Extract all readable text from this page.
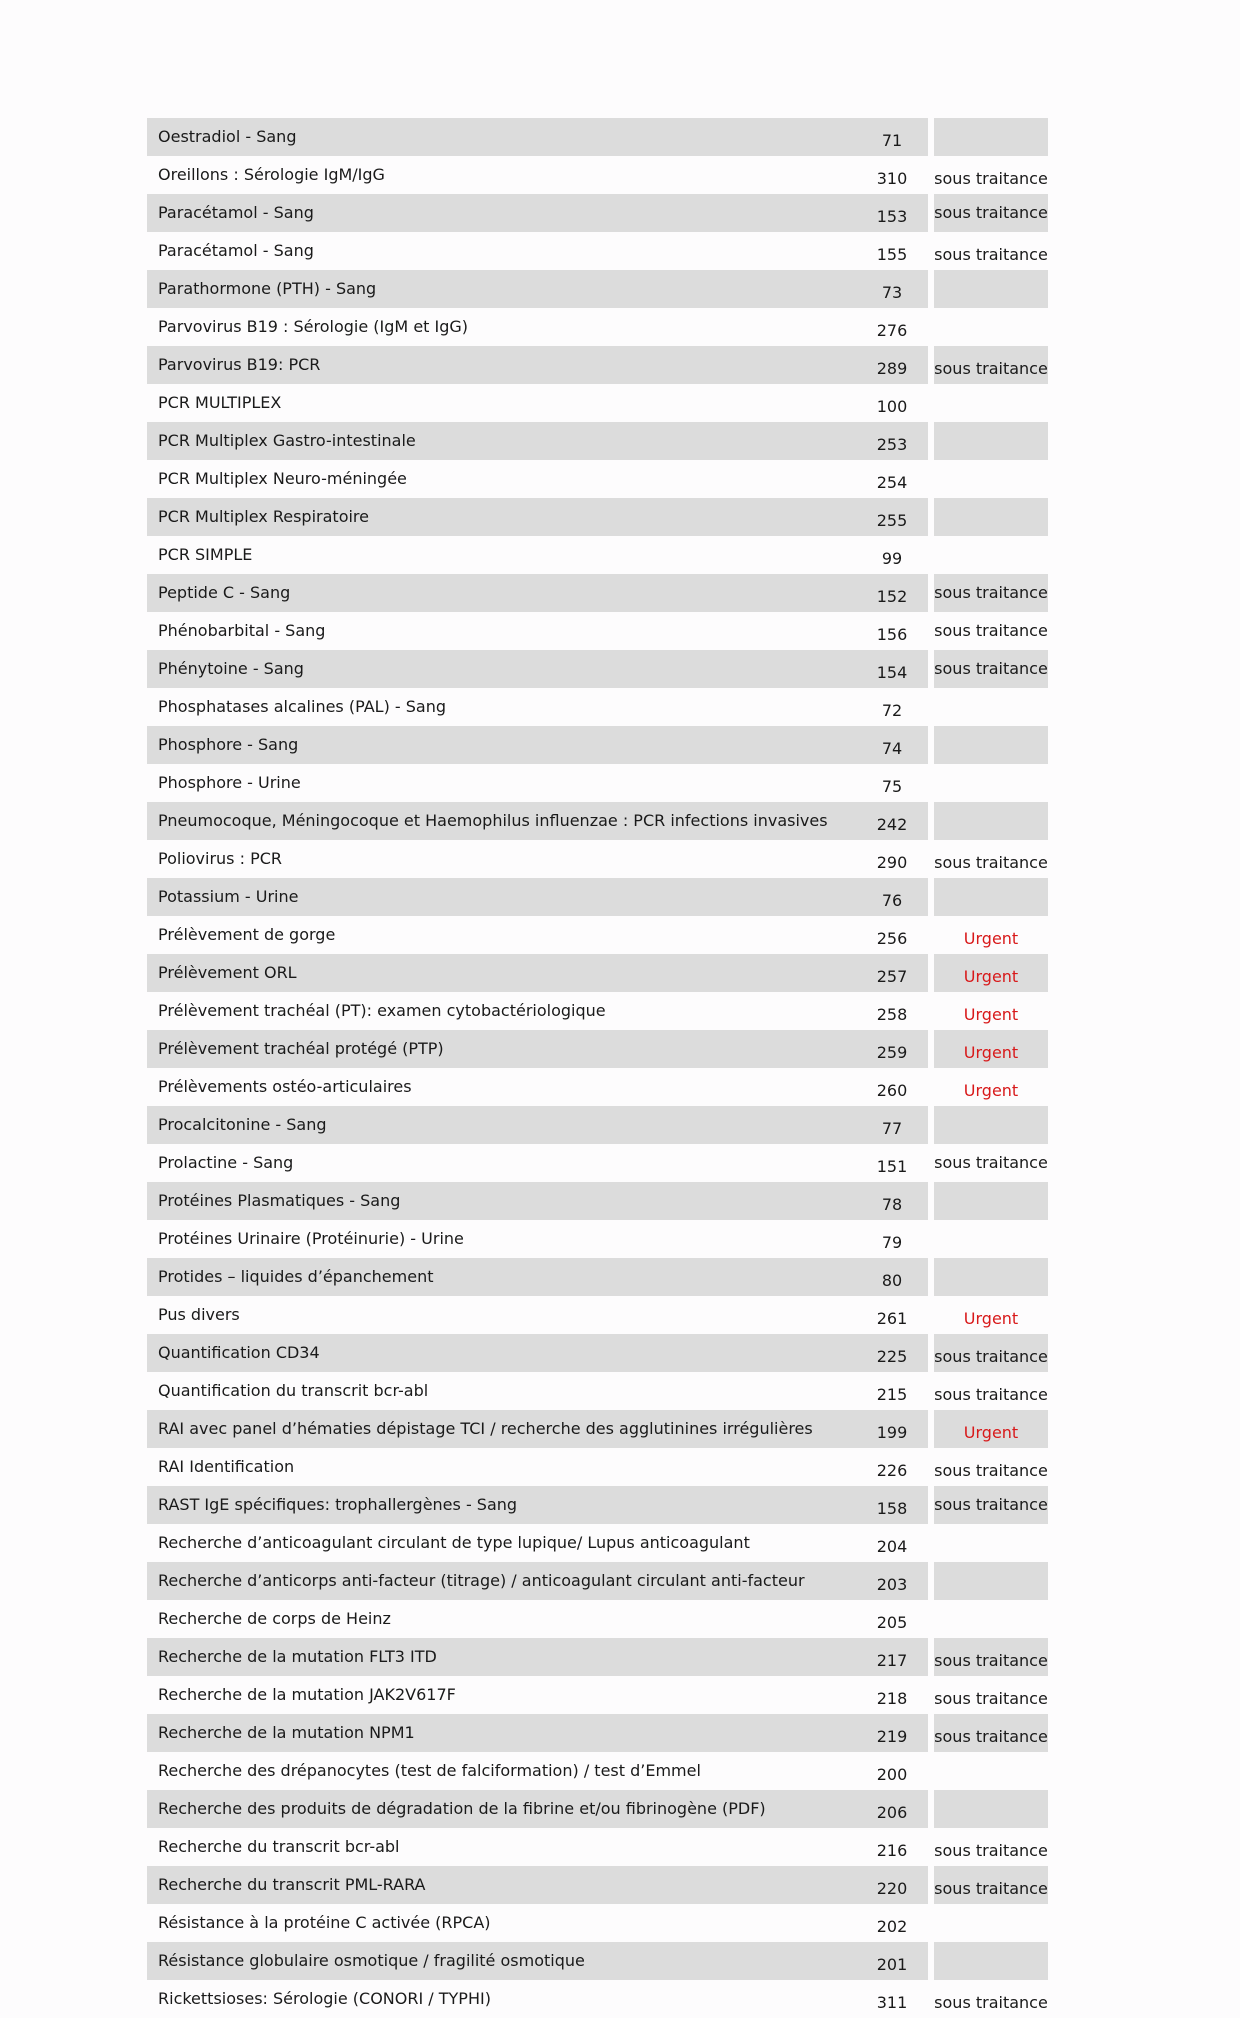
Oestradiol - Sang	71		
Oreillons : Sérologie IgM/IgG	310		sous traitance
Paracétamol - Sang	153		sous traitance
Paracétamol - Sang	155		sous traitance
Parathormone (PTH) - Sang	73		
Parvovirus B19 : Sérologie (IgM et IgG)	276		
Parvovirus B19: PCR	289		sous traitance
PCR MULTIPLEX	100		
PCR Multiplex Gastro-intestinale	253		
PCR Multiplex Neuro-méningée	254		
PCR Multiplex Respiratoire	255		
PCR SIMPLE	99		
Peptide C - Sang	152		sous traitance
Phénobarbital - Sang	156		sous traitance
Phénytoine - Sang	154		sous traitance
Phosphatases alcalines (PAL) - Sang	72		
Phosphore - Sang	74		
Phosphore - Urine	75		
Pneumocoque, Méningocoque et Haemophilus influenzae : PCR infections invasives	242		
Poliovirus : PCR	290		sous traitance
Potassium - Urine	76		
Prélèvement de gorge	256		Urgent
Prélèvement ORL	257		Urgent
Prélèvement trachéal (PT): examen cytobactériologique	258		Urgent
Prélèvement trachéal protégé (PTP)	259		Urgent
Prélèvements ostéo-articulaires	260		Urgent
Procalcitonine - Sang	77		
Prolactine - Sang	151		sous traitance
Protéines Plasmatiques - Sang	78		
Protéines Urinaire (Protéinurie) - Urine	79		
Protides – liquides d’épanchement	80		
Pus divers	261		Urgent
Quantification CD34	225		sous traitance
Quantification du transcrit bcr-abl	215		sous traitance
RAI avec panel d’hématies dépistage TCI / recherche des agglutinines irrégulières	199		Urgent
RAI Identification	226		sous traitance
RAST IgE spécifiques: trophallergènes - Sang	158		sous traitance
Recherche d’anticoagulant circulant de type lupique/ Lupus anticoagulant	204		
Recherche d’anticorps anti-facteur (titrage) / anticoagulant circulant anti-facteur	203		
Recherche de corps de Heinz	205		
Recherche de la mutation FLT3 ITD	217		sous traitance
Recherche de la mutation JAK2V617F	218		sous traitance
Recherche de la mutation NPM1	219		sous traitance
Recherche des drépanocytes (test de falciformation) / test d’Emmel	200		
Recherche des produits de dégradation de la fibrine et/ou fibrinogène (PDF)	206		
Recherche du transcrit bcr-abl	216		sous traitance
Recherche du transcrit PML-RARA	220		sous traitance
Résistance à la protéine C activée (RPCA)	202		
Résistance globulaire osmotique / fragilité osmotique	201		
Rickettsioses: Sérologie (CONORI / TYPHI)	311		sous traitance
